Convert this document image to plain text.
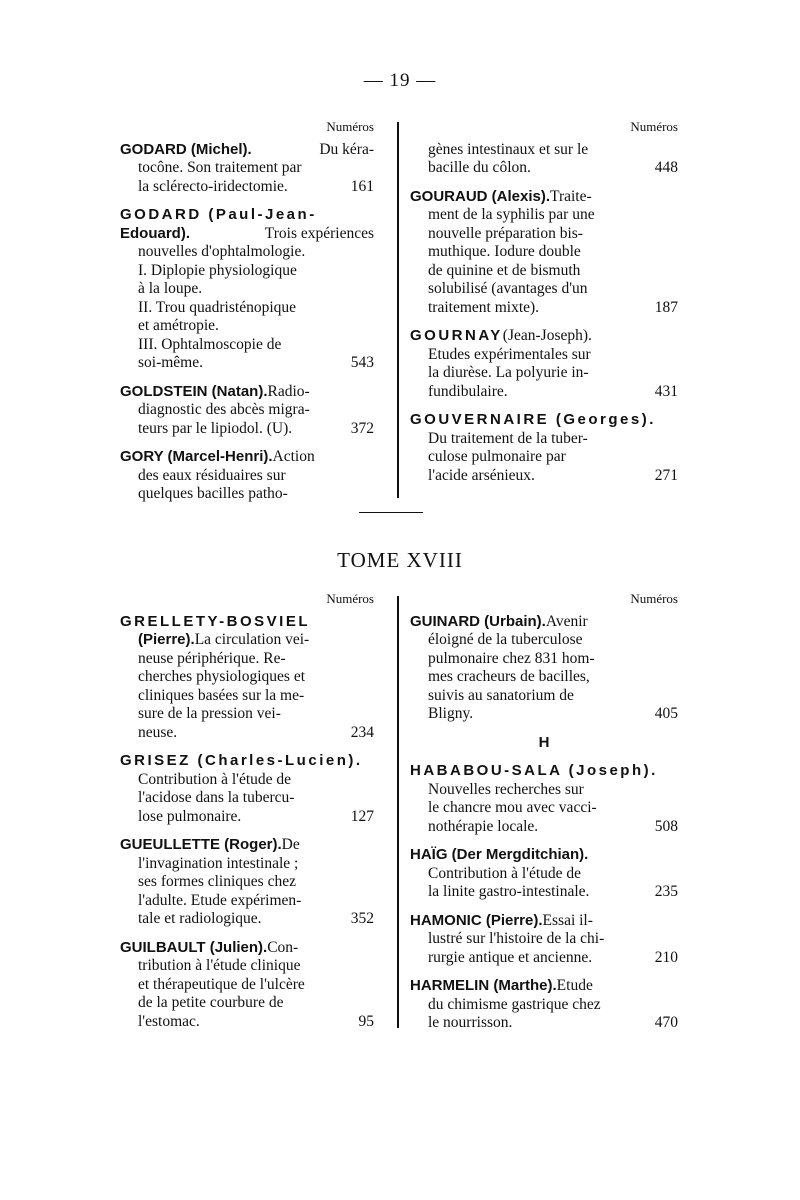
— 19 —
Numéros
GODARD (Michel).	Du kéra-
tocône. Son traitement par
la sclérecto-iridectomie.	161
GODARD (Paul-Jean-
Edouard).	Trois expériences
nouvelles d'ophtalmologie.
I. Diplopie physiologique
à la loupe.
II. Trou quadristénopique
et amétropie.
III. Ophtalmoscopie de
soi-même.	543
GOLDSTEIN (Natan). Radio-
diagnostic des abcès migra-
teurs par le lipiodol. (U).	372
GORY (Marcel-Henri). Action
des eaux résiduaires sur
quelques bacilles patho-
Numéros
gènes intestinaux et sur le
bacille du côlon.	448
GOURAUD (Alexis). Traite-
ment de la syphilis par une
nouvelle préparation bis-
muthique. Iodure double
de quinine et de bismuth
solubilisé (avantages d'un
traitement mixte).	187
GOURNAY (Jean-Joseph).
Etudes expérimentales sur
la diurèse. La polyurie in-
fundibulaire.	431
GOUVERNAIRE (Georges).
Du traitement de la tuber-
culose pulmonaire par
l'acide arsénieux.	271
TOME XVIII
Numéros
GRELLETY-BOSVIEL
(Pierre). La circulation vei-
neuse périphérique. Re-
cherches physiologiques et
cliniques basées sur la me-
sure de la pression vei-
neuse.	234
GRISEZ (Charles-Lucien).
Contribution à l'étude de
l'acidose dans la tubercu-
lose pulmonaire.	127
GUEULLETTE (Roger). De
l'invagination intestinale ;
ses formes cliniques chez
l'adulte. Etude expérimen-
tale et radiologique.	352
GUILBAULT (Julien). Con-
tribution à l'étude clinique
et thérapeutique de l'ulcère
de la petite courbure de
l'estomac.	95
Numéros
GUINARD (Urbain). Avenir
éloigné de la tuberculose
pulmonaire chez 831 hom-
mes cracheurs de bacilles,
suivis au sanatorium de
Bligny.	405
H
HABABOU-SALA (Joseph).
Nouvelles recherches sur
le chancre mou avec vacci-
nothérapie locale.	508
HAÏG (Der Mergditchian).
Contribution à l'étude de
la linite gastro-intestinale.	235
HAMONIC (Pierre). Essai il-
lustré sur l'histoire de la chi-
rurgie antique et ancienne.	210
HARMELIN (Marthe). Etude
du chimisme gastrique chez
le nourrisson.	470
